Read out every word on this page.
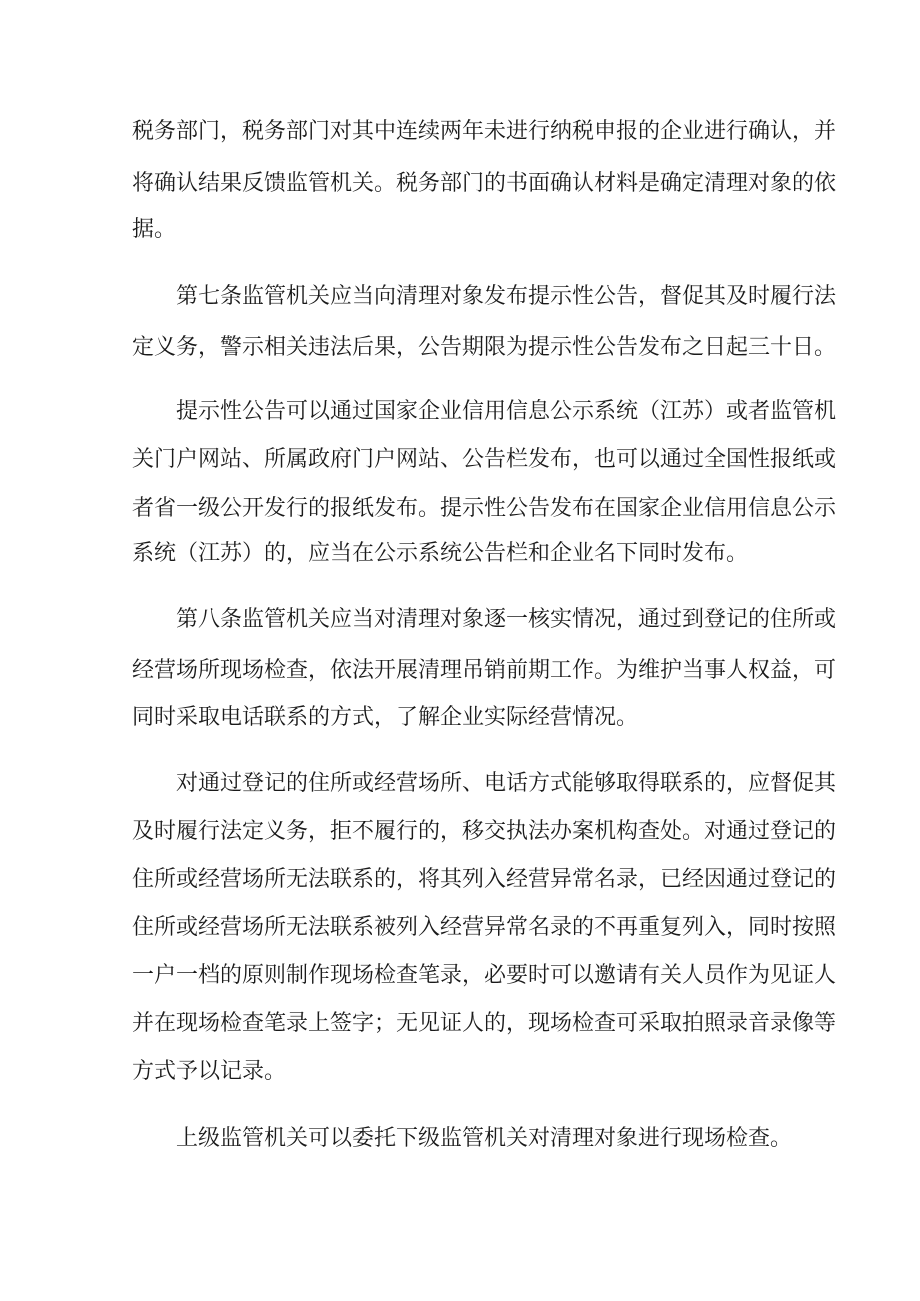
税务部门，税务部门对其中连续两年未进行纳税申报的企业进行确认，并
将确认结果反馈监管机关。税务部门的书面确认材料是确定清理对象的依
据。
第七条监管机关应当向清理对象发布提示性公告，督促其及时履行法
定义务，警示相关违法后果，公告期限为提示性公告发布之日起三十日。
提示性公告可以通过国家企业信用信息公示系统（江苏）或者监管机
关门户网站、所属政府门户网站、公告栏发布，也可以通过全国性报纸或
者省一级公开发行的报纸发布。提示性公告发布在国家企业信用信息公示
系统（江苏）的，应当在公示系统公告栏和企业名下同时发布。
第八条监管机关应当对清理对象逐一核实情况，通过到登记的住所或
经营场所现场检查，依法开展清理吊销前期工作。为维护当事人权益，可
同时采取电话联系的方式，了解企业实际经营情况。
对通过登记的住所或经营场所、电话方式能够取得联系的，应督促其
及时履行法定义务，拒不履行的，移交执法办案机构查处。对通过登记的
住所或经营场所无法联系的，将其列入经营异常名录，已经因通过登记的
住所或经营场所无法联系被列入经营异常名录的不再重复列入，同时按照
一户一档的原则制作现场检查笔录，必要时可以邀请有关人员作为见证人
并在现场检查笔录上签字；无见证人的，现场检查可采取拍照录音录像等
方式予以记录。
上级监管机关可以委托下级监管机关对清理对象进行现场检查。
